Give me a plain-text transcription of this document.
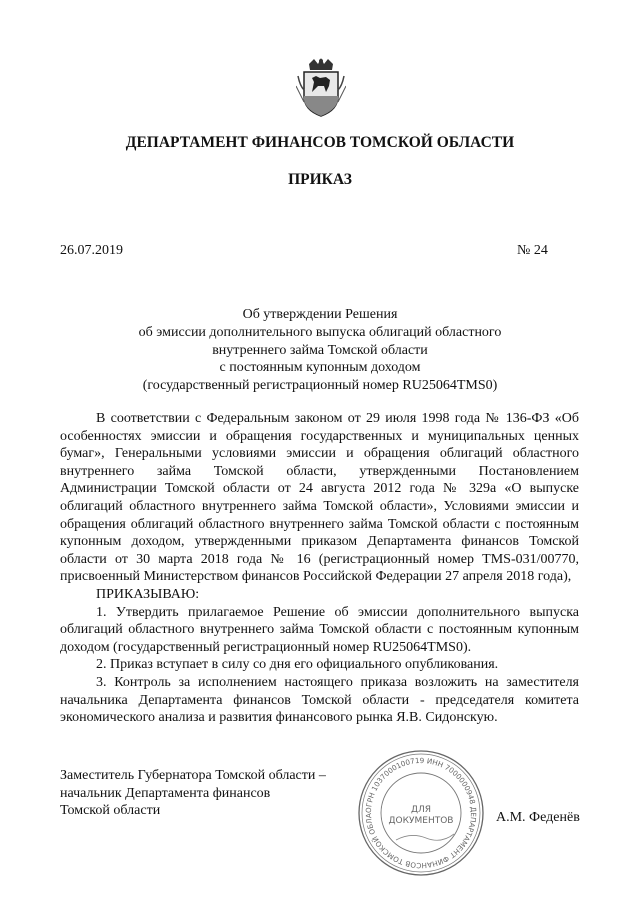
ДЕПАРТАМЕНТ ФИНАНСОВ ТОМСКОЙ ОБЛАСТИ
ПРИКАЗ
26.07.2019	№ 24
Об утверждении Решения
об эмиссии дополнительного выпуска облигаций областного
внутреннего займа Томской области
с постоянным купонным доходом
(государственный регистрационный номер RU25064TMS0)

В соответствии с Федеральным законом от 29 июля 1998 года № 136-ФЗ «Об особенностях эмиссии и обращения государственных и муниципальных ценных бумаг», Генеральными условиями эмиссии и обращения облигаций областного внутреннего займа Томской области, утвержденными Постановлением Администрации Томской области от 24 августа 2012 года № 329а «О выпуске облигаций областного внутреннего займа Томской области», Условиями эмиссии и обращения облигаций областного внутреннего займа Томской области с постоянным купонным доходом, утвержденными приказом Департамента финансов Томской области от 30 марта 2018 года № 16 (регистрационный номер TMS-031/00770, присвоенный Министерством финансов Российской Федерации 27 апреля 2018 года),

ПРИКАЗЫВАЮ:

1. Утвердить прилагаемое Решение об эмиссии дополнительного выпуска облигаций областного внутреннего займа Томской области с постоянным купонным доходом (государственный регистрационный номер RU25064TMS0).

2. Приказ вступает в силу со дня его официального опубликования.

3. Контроль за исполнением настоящего приказа возложить на заместителя начальника Департамента финансов Томской области - председателя комитета экономического анализа и развития финансового рынка Я.В. Сидонскую.

Заместитель Губернатора Томской области –
начальник Департамента финансов
Томской области	ОГРН 1037000100719 ИНН 7000000948 ДЕПАРТАМЕНТ ФИНАНСОВ ТОМСКОЙ ОБЛА
ДЛЯ
ДОКУМЕНТОВ	А.М. Феденёв
